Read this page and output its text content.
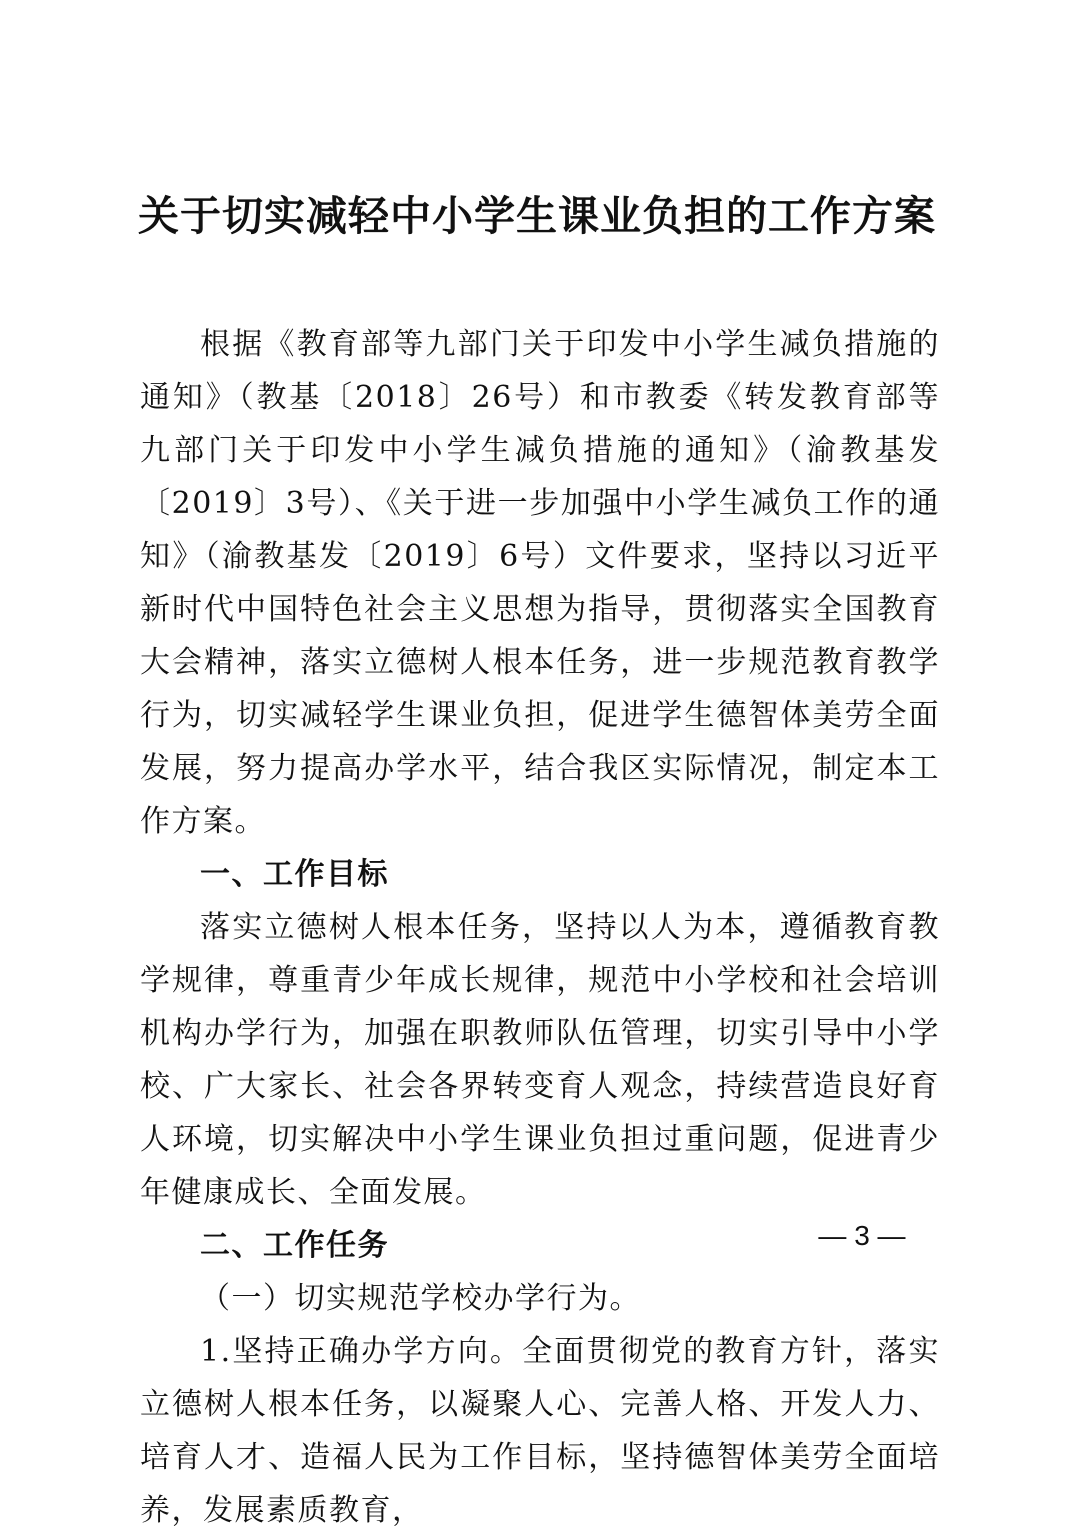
关于切实减轻中小学生课业负担的工作方案

根据《教育部等九部门关于印发中小学生减负措施的通知》（教基〔2018〕26号）和市教委《转发教育部等九部门关于印发中小学生减负措施的通知》（渝教基发〔2019〕3号）、《关于进一步加强中小学生减负工作的通知》（渝教基发〔2019〕6号）文件要求，坚持以习近平新时代中国特色社会主义思想为指导，贯彻落实全国教育大会精神，落实立德树人根本任务，进一步规范教育教学行为，切实减轻学生课业负担，促进学生德智体美劳全面发展，努力提高办学水平，结合我区实际情况，制定本工作方案。

一、工作目标

落实立德树人根本任务，坚持以人为本，遵循教育教学规律，尊重青少年成长规律，规范中小学校和社会培训机构办学行为，加强在职教师队伍管理，切实引导中小学校、广大家长、社会各界转变育人观念，持续营造良好育人环境，切实解决中小学生课业负担过重问题，促进青少年健康成长、全面发展。

二、工作任务

（一）切实规范学校办学行为。

1.坚持正确办学方向。全面贯彻党的教育方针，落实立德树人根本任务，以凝聚人心、完善人格、开发人力、培育人才、造福人民为工作目标，坚持德智体美劳全面培养，发展素质教育，

— 3 —
